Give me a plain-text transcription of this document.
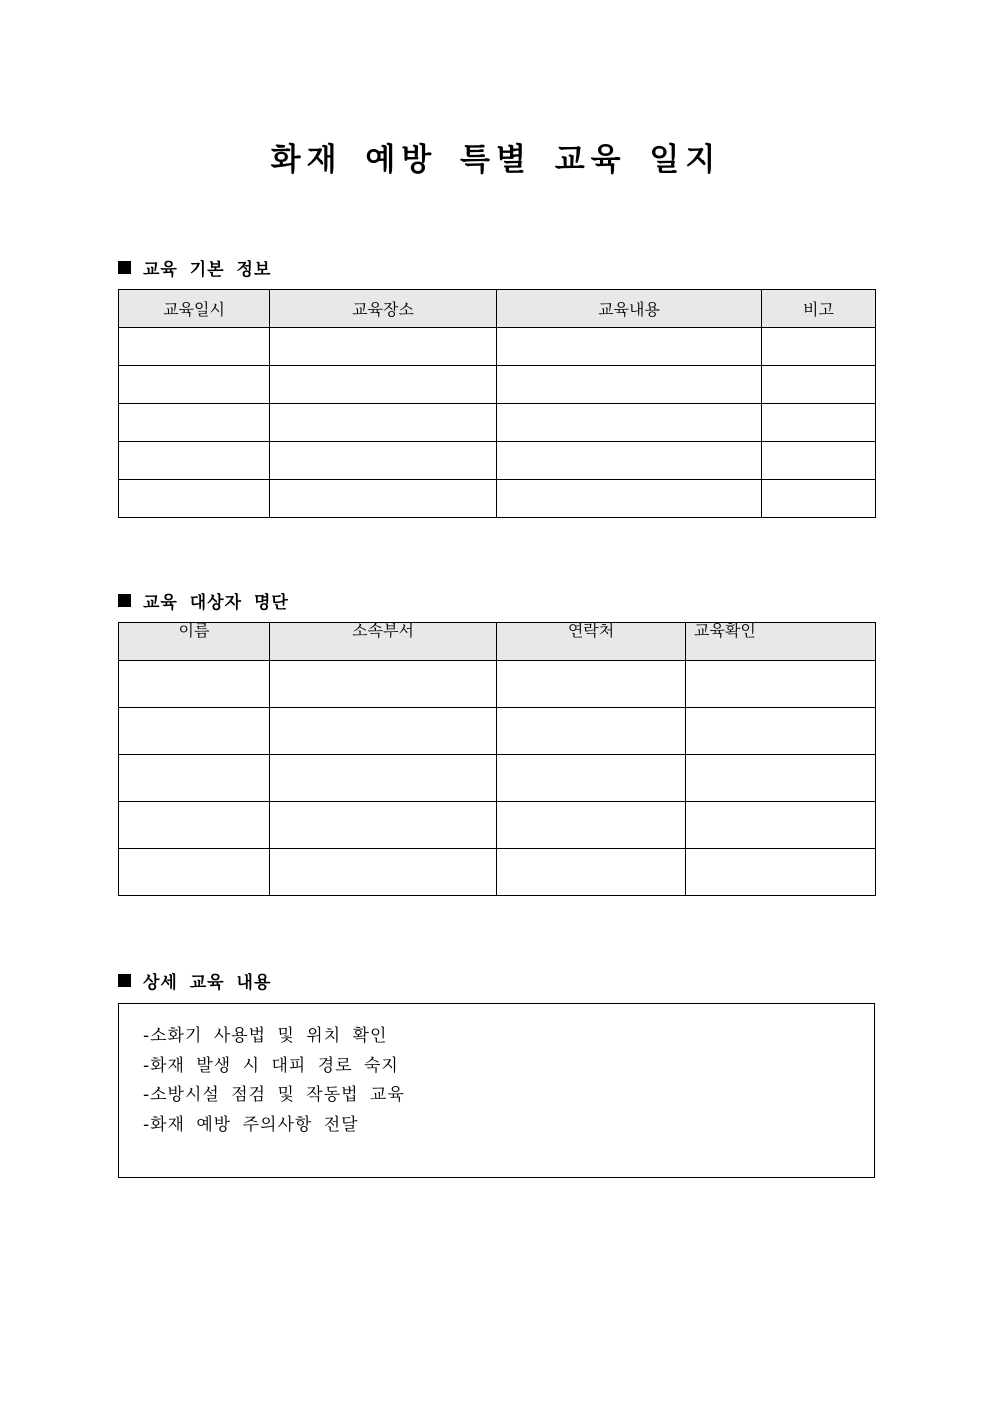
화재 예방 특별 교육 일지
교육 기본 정보
교육일시	교육장소	교육내용	비고

교육 대상자 명단
이름	소속부서	연락처	교육확인

상세 교육 내용
-소화기 사용법 및 위치 확인
-화재 발생 시 대피 경로 숙지
-소방시설 점검 및 작동법 교육
-화재 예방 주의사항 전달
